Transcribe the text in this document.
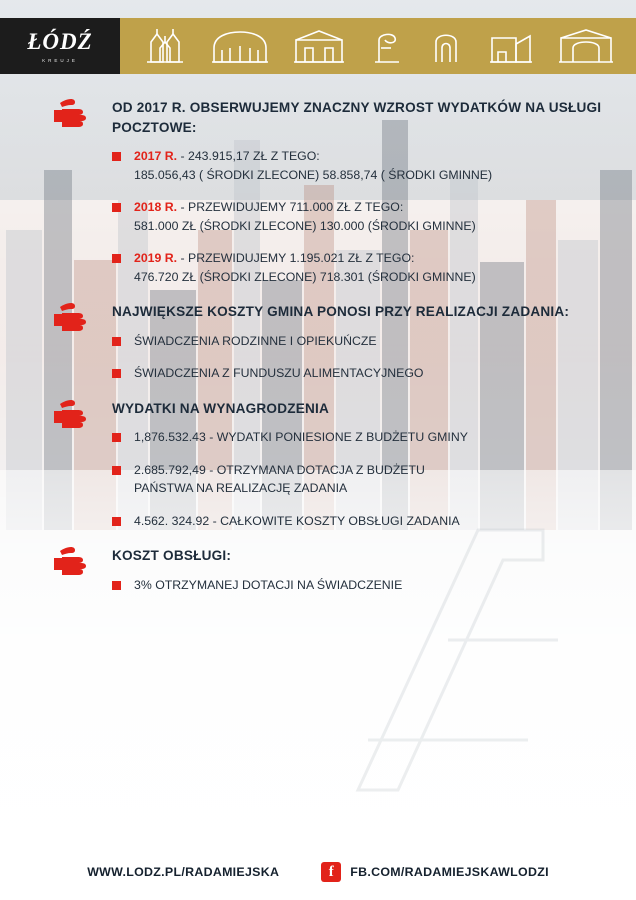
ŁÓDŹ
KREUJE

OD 2017 R. OBSERWUJEMY ZNACZNY WZROST WYDATKÓW NA USŁUGI POCZTOWE:

2017 R. - 243.915,17 ZŁ Z TEGO:
185.056,43 ( ŚRODKI ZLECONE) 58.858,74 ( ŚRODKI GMINNE)
2018 R. - PRZEWIDUJEMY 711.000 ZŁ Z TEGO:
581.000 ZŁ (ŚRODKI ZLECONE) 130.000 (ŚRODKI GMINNE)
2019 R. - PRZEWIDUJEMY 1.195.021 ZŁ Z TEGO:
476.720 ZŁ (ŚRODKI ZLECONE) 718.301 (ŚRODKI GMINNE)

NAJWIĘKSZE KOSZTY GMINA PONOSI PRZY REALIZACJI ZADANIA:

ŚWIADCZENIA RODZINNE I OPIEKUŃCZE
ŚWIADCZENIA Z FUNDUSZU ALIMENTACYJNEGO

WYDATKI NA WYNAGRODZENIA

1,876.532.43 - WYDATKI PONIESIONE Z BUDŻETU GMINY
2.685.792,49 - OTRZYMANA DOTACJA Z BUDŻETU
PAŃSTWA NA REALIZACJĘ ZADANIA
4.562. 324.92 - CAŁKOWITE KOSZTY OBSŁUGI ZADANIA

KOSZT OBSŁUGI:

3% OTRZYMANEJ DOTACJI NA ŚWIADCZENIE
WWW.LODZ.PL/RADAMIEJSKA	f	FB.COM/RADAMIEJSKAWLODZI
